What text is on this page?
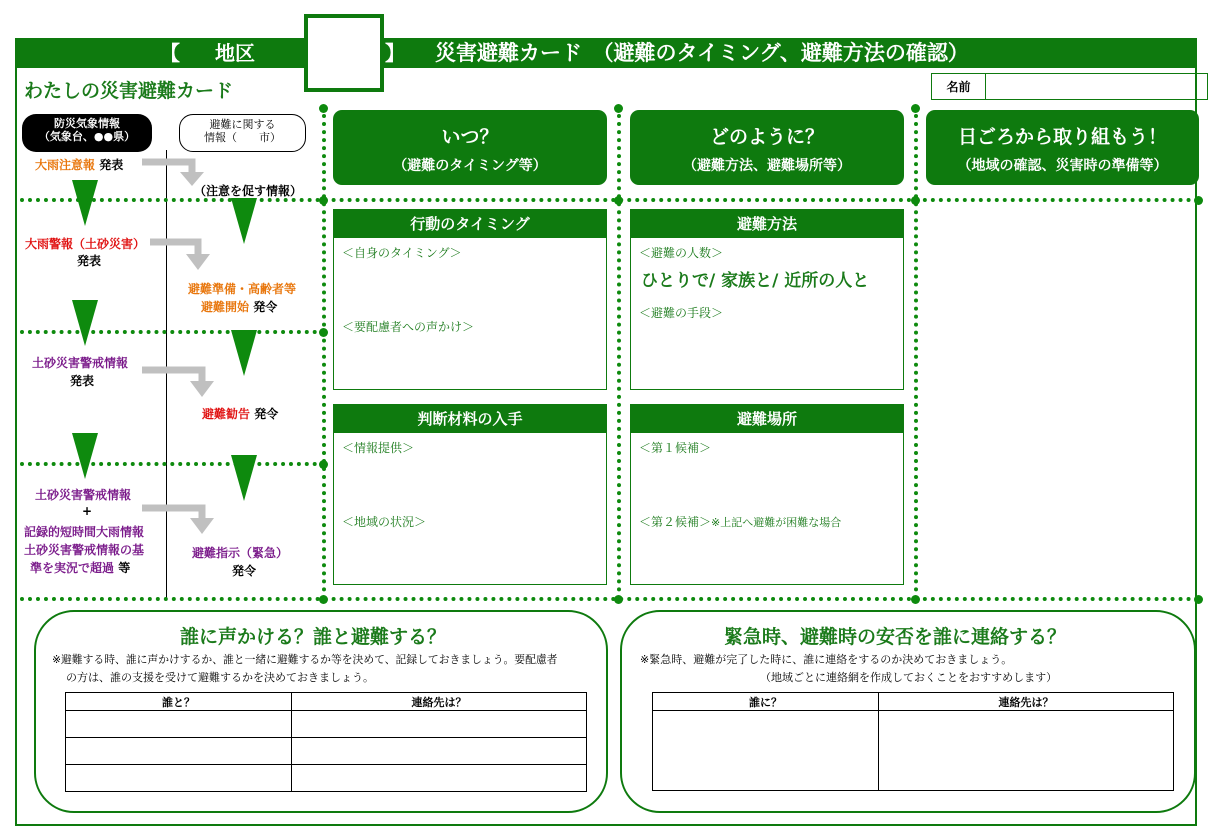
【 地区	】 災害避難カード　（避難のタイミング、避難方法の確認）
わたしの災害避難カード	名前
防災気象情報
（気象台、●●県）
避難に関する
情報（　　市）
大雨注意報 発表
（注意を促す情報）
大雨警報（土砂災害）
発表
避難準備・高齢者等
避難開始 発令
土砂災害警戒情報
発表
避難勧告 発令
土砂災害警戒情報
+
記録的短時間大雨情報
土砂災害警戒情報の基
準を実況で超過 等
避難指示（緊急）
発令
いつ？
（避難のタイミング等）
どのように？
（避難方法、避難場所等）
日ごろから取り組もう！
（地域の確認、災害時の準備等）
行動のタイミング
＜自身のタイミング＞
＜要配慮者への声かけ＞
判断材料の入手
＜情報提供＞
＜地域の状況＞
避難方法
＜避難の人数＞
ひとりで/ 家族と/ 近所の人と
＜避難の手段＞
避難場所
＜第１候補＞
＜第２候補＞※上記へ避難が困難な場合
誰に声かける？誰と避難する？
※避難する時、誰に声かけするか、誰と一緒に避難するか等を決めて、記録しておきましょう。要配慮者
の方は、誰の支援を受けて避難するかを決めておきましょう。
誰と？	連絡先は？

緊急時、避難時の安否を誰に連絡する？
※緊急時、避難が完了した時に、誰に連絡をするのか決めておきましょう。
（地域ごとに連絡網を作成しておくことをおすすめします）
誰に？	連絡先は？
